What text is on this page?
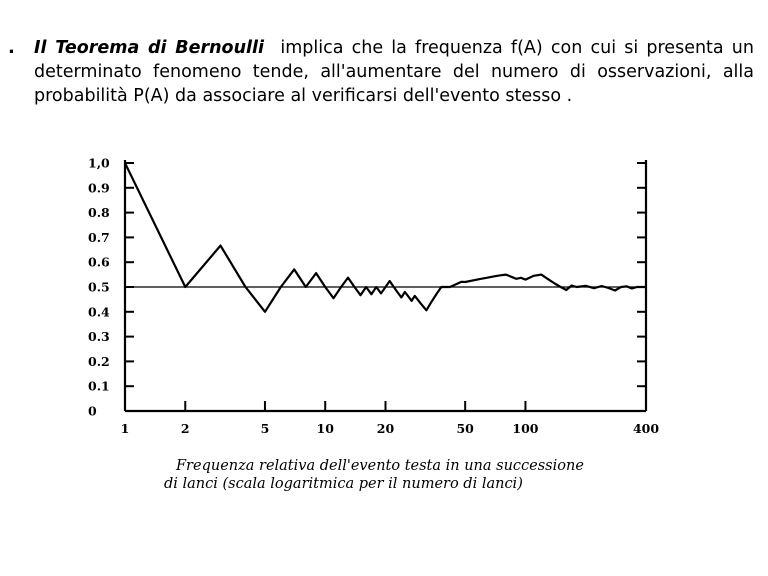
. Il Teorema di Bernoulli implica che la frequenza f(A) con cui si presenta un determinato fenomeno tende, all'aumentare del numero di osservazioni, alla probabilità P(A) da associare al verificarsi dell'evento stesso .
0
0.1
0.2
0.3
0.4
0.5
0.6
0.7
0.8
0.9
1,0
1	2	5	10	20	50	100	400
Frequenza relativa dell'evento testa in una successione
di lanci (scala logaritmica per il numero di lanci)
